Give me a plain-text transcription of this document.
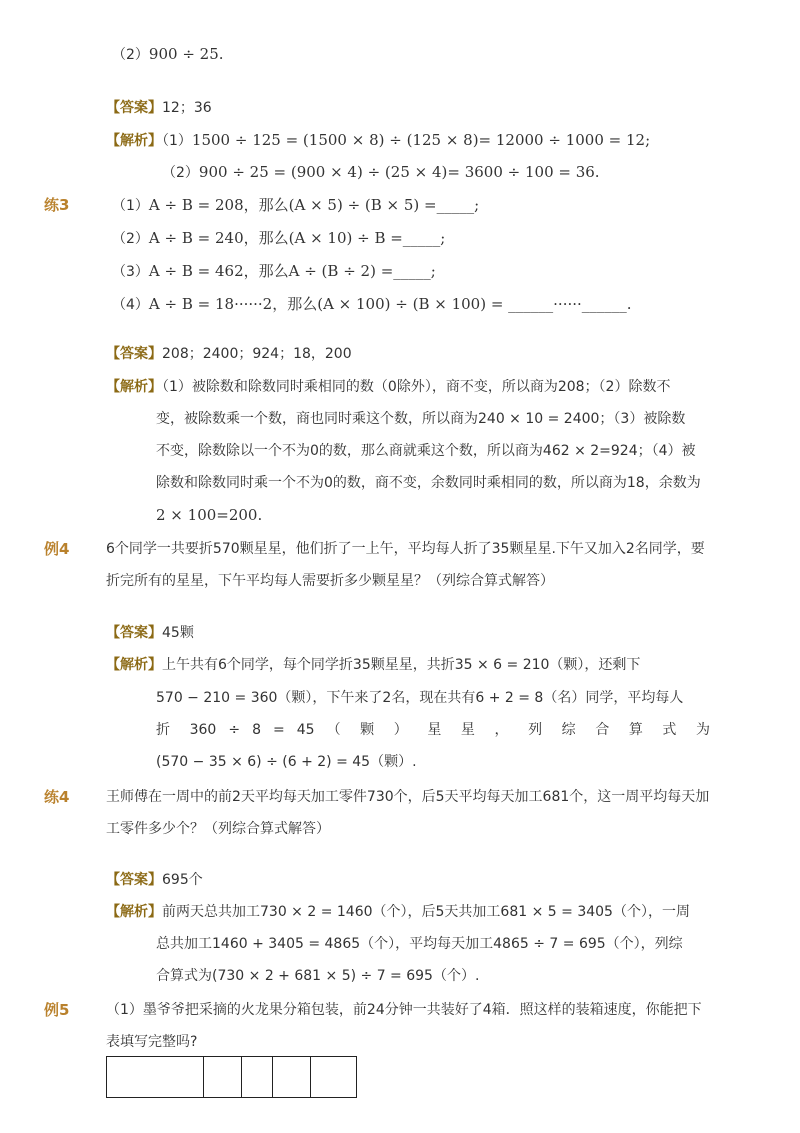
（2）900 ÷ 25.
【答案】12；36
【解析】（1）1500 ÷ 125 = (1500 × 8) ÷ (125 × 8)= 12000 ÷ 1000 = 12;
（2）900 ÷ 25 = (900 × 4) ÷ (25 × 4)= 3600 ÷ 100 = 36.
练3	（1）A ÷ B = 208，那么(A × 5) ÷ (B × 5) =_____;
（2）A ÷ B = 240，那么(A × 10) ÷ B =_____;
（3）A ÷ B = 462，那么A ÷ (B ÷ 2) =_____;
（4）A ÷ B = 18······2，那么(A × 100) ÷ (B × 100) = ______······______.
【答案】208；2400；924；18，200
【解析】（1）被除数和除数同时乘相同的数（0除外），商不变，所以商为208；（2）除数不
变，被除数乘一个数，商也同时乘这个数，所以商为240 × 10 = 2400；（3）被除数
不变，除数除以一个不为0的数，那么商就乘这个数，所以商为462 × 2=924；（4）被
除数和除数同时乘一个不为0的数，商不变，余数同时乘相同的数，所以商为18，余数为
2 × 100=200.
例4	6个同学一共要折570颗星星，他们折了一上午，平均每人折了35颗星星.下午又加入2名同学，要
折完所有的星星，下午平均每人需要折多少颗星星？（列综合算式解答）
【答案】45颗
【解析】上午共有6个同学，每个同学折35颗星星，共折35 × 6 = 210（颗），还剩下
570 − 210 = 360（颗），下午来了2名，现在共有6 + 2 = 8（名）同学，平均每人
折 360 ÷ 8 = 45 （ 颗 ） 星 星 ， 列 综 合 算 式 为
(570 − 35 × 6) ÷ (6 + 2) = 45（颗）.
练4	王师傅在一周中的前2天平均每天加工零件730个，后5天平均每天加工681个，这一周平均每天加
工零件多少个？（列综合算式解答）
【答案】695个
【解析】前两天总共加工730 × 2 = 1460（个），后5天共加工681 × 5 = 3405（个），一周
总共加工1460 + 3405 = 4865（个），平均每天加工4865 ÷ 7 = 695（个），列综
合算式为(730 × 2 + 681 × 5) ÷ 7 = 695（个）.
例5	（1）墨爷爷把采摘的火龙果分箱包装，前24分钟一共装好了4箱．照这样的装箱速度，你能把下
表填写完整吗?
